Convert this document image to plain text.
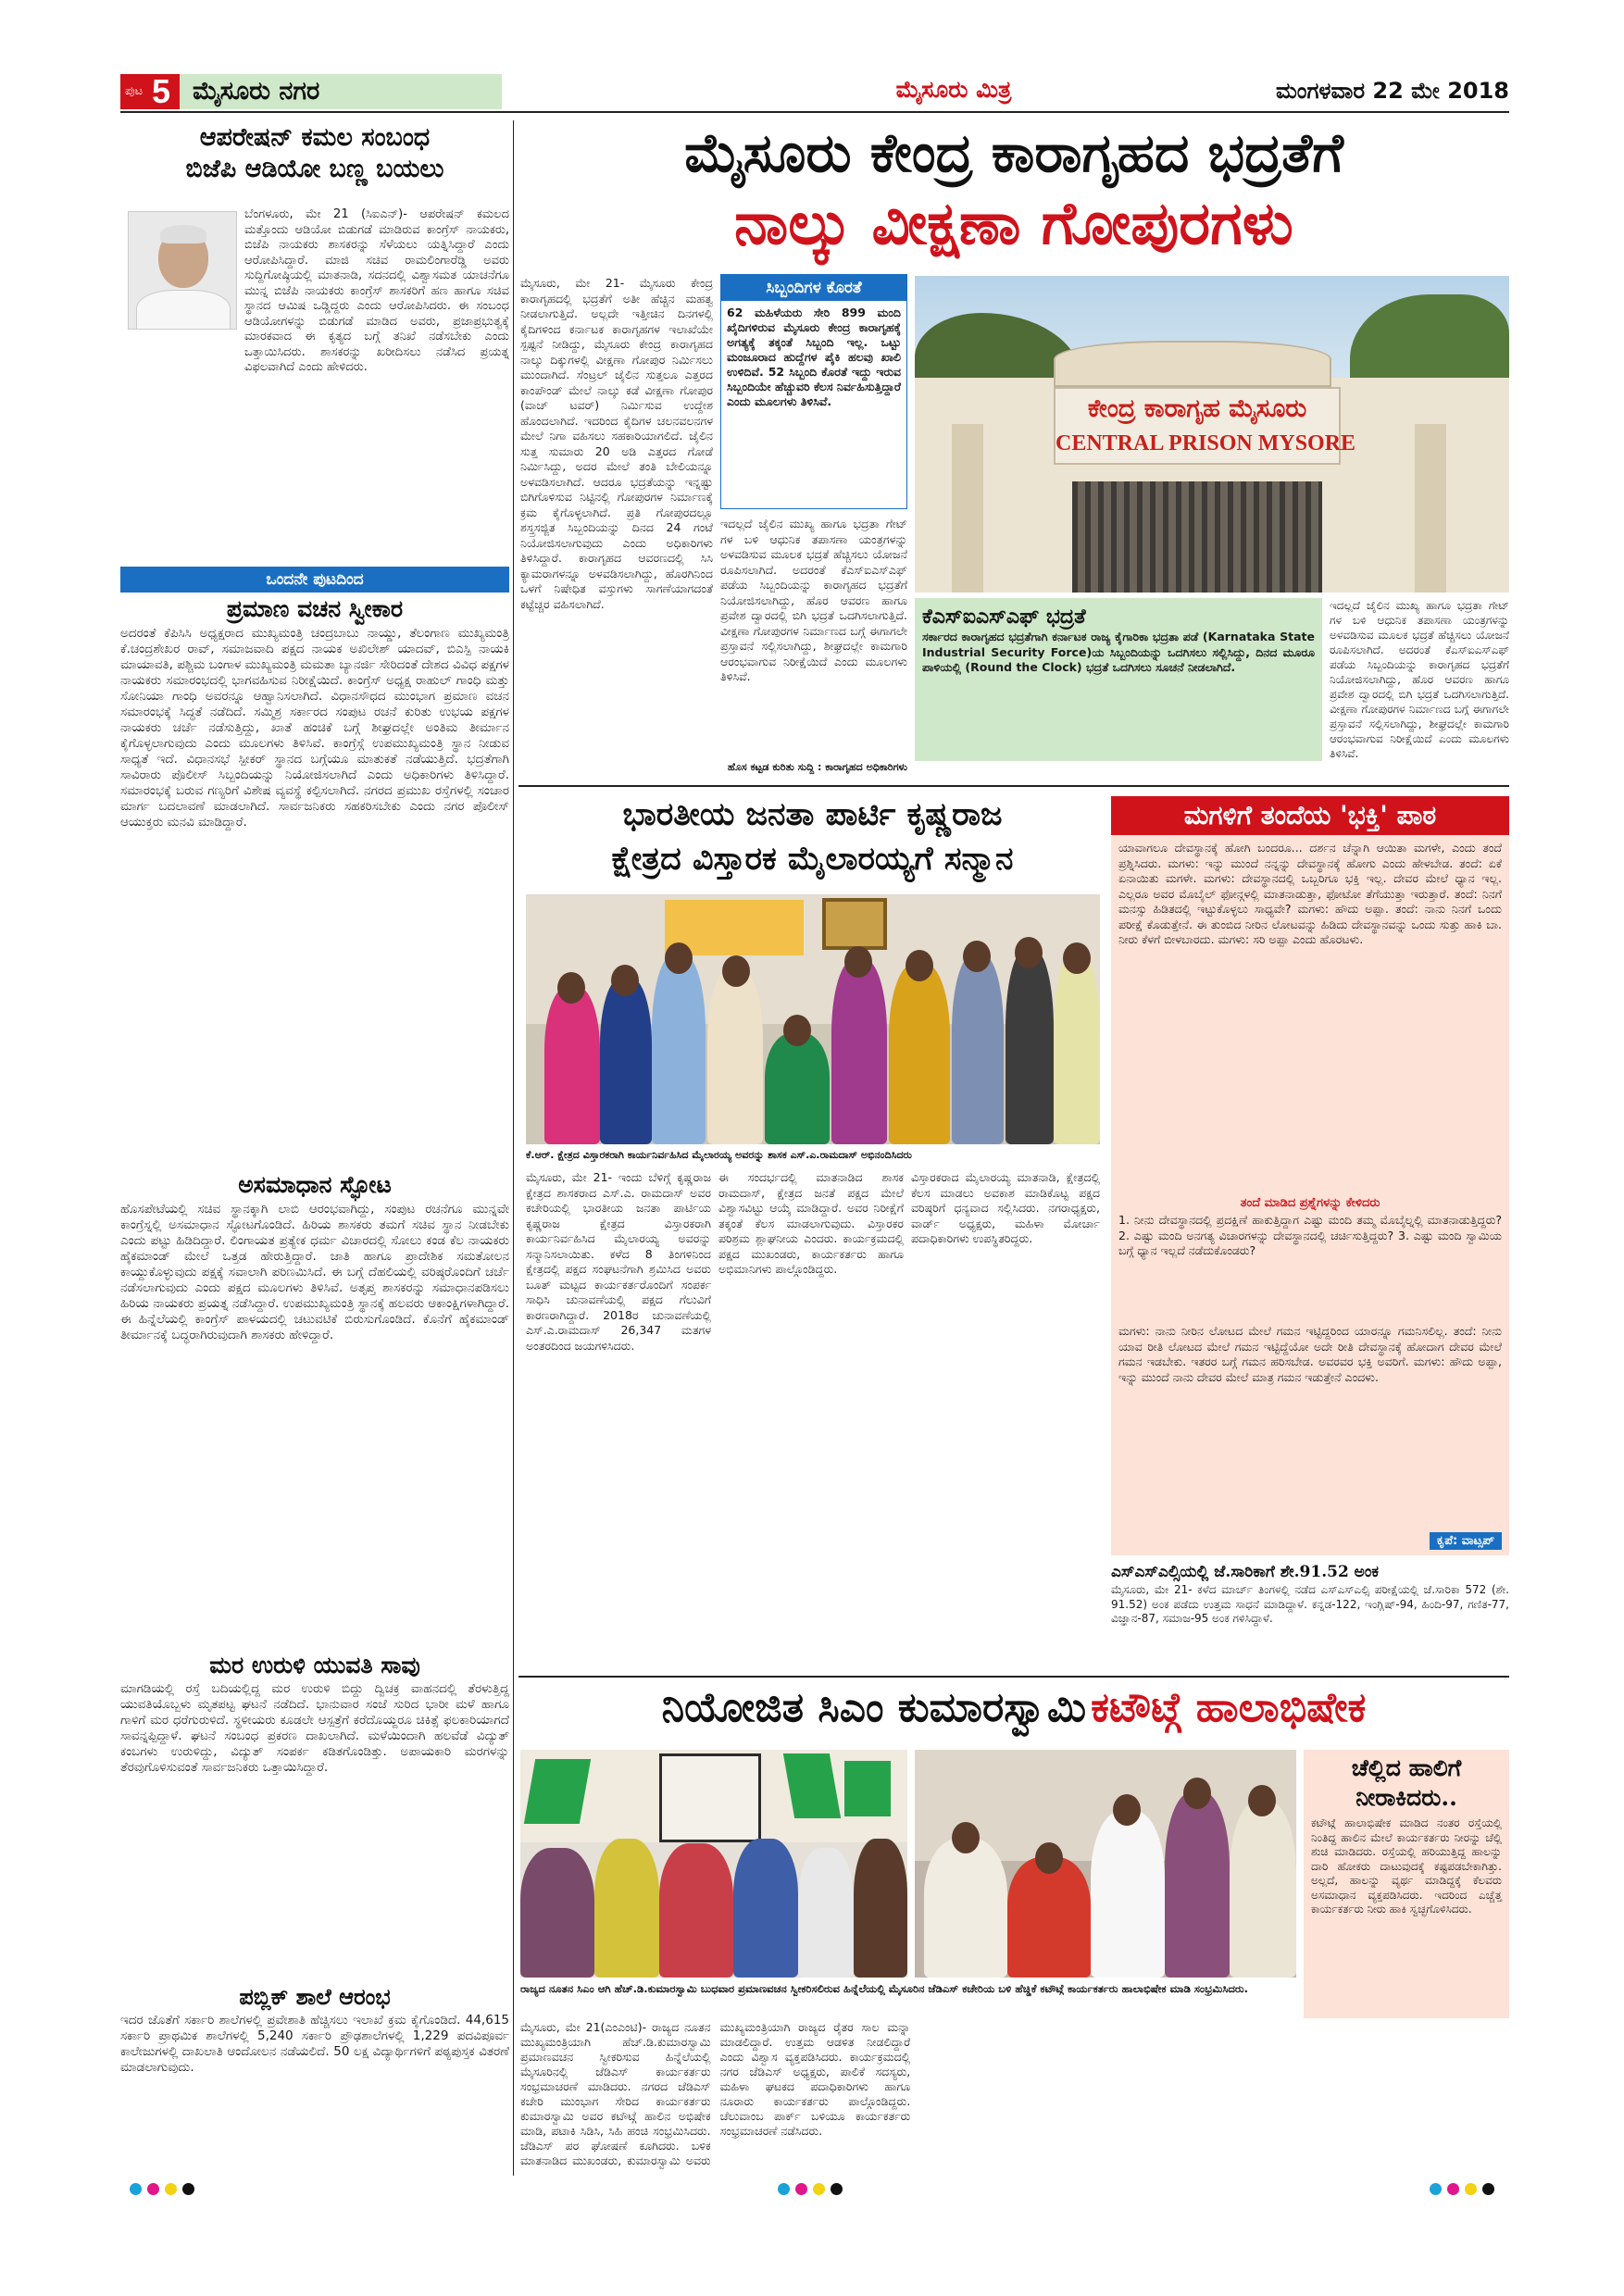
ಪುಟ 5 ಮೈಸೂರು ನಗರ	ಮೈಸೂರು ಮಿತ್ರ	ಮಂಗಳವಾರ 22 ಮೇ 2018
ಆಪರೇಷನ್ ಕಮಲ ಸಂಬಂಧ
ಬಿಜೆಪಿ ಆಡಿಯೋ ಬಣ್ಣ ಬಯಲು
ಬೆಂಗಳೂರು, ಮೇ 21 (ಸಿಐಎನ್)- ಆಪರೇಷನ್ ಕಮಲದ ಮತ್ತೊಂದು ಆಡಿಯೋ ಬಿಡುಗಡೆ ಮಾಡಿರುವ ಕಾಂಗ್ರೆಸ್ ನಾಯಕರು, ಬಿಜೆಪಿ ನಾಯಕರು ಶಾಸಕರನ್ನು ಸೆಳೆಯಲು ಯತ್ನಿಸಿದ್ದಾರೆ ಎಂದು ಆರೋಪಿಸಿದ್ದಾರೆ. ಮಾಜಿ ಸಚಿವ ರಾಮಲಿಂಗಾರೆಡ್ಡಿ ಅವರು ಸುದ್ದಿಗೋಷ್ಠಿಯಲ್ಲಿ ಮಾತನಾಡಿ, ಸದನದಲ್ಲಿ ವಿಶ್ವಾಸಮತ ಯಾಚನೆಗೂ ಮುನ್ನ ಬಿಜೆಪಿ ನಾಯಕರು ಕಾಂಗ್ರೆಸ್ ಶಾಸಕರಿಗೆ ಹಣ ಹಾಗೂ ಸಚಿವ ಸ್ಥಾನದ ಆಮಿಷ ಒಡ್ಡಿದ್ದರು ಎಂದು ಆರೋಪಿಸಿದರು. ಈ ಸಂಬಂಧ ಆಡಿಯೋಗಳನ್ನು ಬಿಡುಗಡೆ ಮಾಡಿದ ಅವರು, ಪ್ರಜಾಪ್ರಭುತ್ವಕ್ಕೆ ಮಾರಕವಾದ ಈ ಕೃತ್ಯದ ಬಗ್ಗೆ ತನಿಖೆ ನಡೆಸಬೇಕು ಎಂದು ಒತ್ತಾಯಿಸಿದರು. ಶಾಸಕರನ್ನು ಖರೀದಿಸಲು ನಡೆಸಿದ ಪ್ರಯತ್ನ ವಿಫಲವಾಗಿದೆ ಎಂದು ಹೇಳಿದರು.
ಒಂದನೇ ಪುಟದಿಂದ
ಪ್ರಮಾಣ ವಚನ ಸ್ವೀಕಾರ
ಅದರಂತೆ ಕೆಪಿಸಿಸಿ ಅಧ್ಯಕ್ಷರಾದ ಮುಖ್ಯಮಂತ್ರಿ ಚಂದ್ರಬಾಬು ನಾಯ್ಡು, ತೆಲಂಗಾಣ ಮುಖ್ಯಮಂತ್ರಿ ಕೆ.ಚಂದ್ರಶೇಖರ ರಾವ್, ಸಮಾಜವಾದಿ ಪಕ್ಷದ ನಾಯಕ ಅಖಿಲೇಶ್ ಯಾದವ್, ಬಿಎಸ್ಪಿ ನಾಯಕಿ ಮಾಯಾವತಿ, ಪಶ್ಚಿಮ ಬಂಗಾಳ ಮುಖ್ಯಮಂತ್ರಿ ಮಮತಾ ಬ್ಯಾನರ್ಜಿ ಸೇರಿದಂತೆ ದೇಶದ ವಿವಿಧ ಪಕ್ಷಗಳ ನಾಯಕರು ಸಮಾರಂಭದಲ್ಲಿ ಭಾಗವಹಿಸುವ ನಿರೀಕ್ಷೆಯಿದೆ. ಕಾಂಗ್ರೆಸ್ ಅಧ್ಯಕ್ಷ ರಾಹುಲ್ ಗಾಂಧಿ ಮತ್ತು ಸೋನಿಯಾ ಗಾಂಧಿ ಅವರನ್ನೂ ಆಹ್ವಾನಿಸಲಾಗಿದೆ. ವಿಧಾನಸೌಧದ ಮುಂಭಾಗ ಪ್ರಮಾಣ ವಚನ ಸಮಾರಂಭಕ್ಕೆ ಸಿದ್ಧತೆ ನಡೆದಿದೆ. ಸಮ್ಮಿಶ್ರ ಸರ್ಕಾರದ ಸಂಪುಟ ರಚನೆ ಕುರಿತು ಉಭಯ ಪಕ್ಷಗಳ ನಾಯಕರು ಚರ್ಚೆ ನಡೆಸುತ್ತಿದ್ದು, ಖಾತೆ ಹಂಚಿಕೆ ಬಗ್ಗೆ ಶೀಘ್ರದಲ್ಲೇ ಅಂತಿಮ ತೀರ್ಮಾನ ಕೈಗೊಳ್ಳಲಾಗುವುದು ಎಂದು ಮೂಲಗಳು ತಿಳಿಸಿವೆ. ಕಾಂಗ್ರೆಸ್ಗೆ ಉಪಮುಖ್ಯಮಂತ್ರಿ ಸ್ಥಾನ ನೀಡುವ ಸಾಧ್ಯತೆ ಇದೆ. ವಿಧಾನಸಭೆ ಸ್ಪೀಕರ್ ಸ್ಥಾನದ ಬಗ್ಗೆಯೂ ಮಾತುಕತೆ ನಡೆಯುತ್ತಿದೆ. ಭದ್ರತೆಗಾಗಿ ಸಾವಿರಾರು ಪೊಲೀಸ್ ಸಿಬ್ಬಂದಿಯನ್ನು ನಿಯೋಜಿಸಲಾಗಿದೆ ಎಂದು ಅಧಿಕಾರಿಗಳು ತಿಳಿಸಿದ್ದಾರೆ. ಸಮಾರಂಭಕ್ಕೆ ಬರುವ ಗಣ್ಯರಿಗೆ ವಿಶೇಷ ವ್ಯವಸ್ಥೆ ಕಲ್ಪಿಸಲಾಗಿದೆ. ನಗರದ ಪ್ರಮುಖ ರಸ್ತೆಗಳಲ್ಲಿ ಸಂಚಾರ ಮಾರ್ಗ ಬದಲಾವಣೆ ಮಾಡಲಾಗಿದೆ. ಸಾರ್ವಜನಿಕರು ಸಹಕರಿಸಬೇಕು ಎಂದು ನಗರ ಪೊಲೀಸ್ ಆಯುಕ್ತರು ಮನವಿ ಮಾಡಿದ್ದಾರೆ.
ಅಸಮಾಧಾನ ಸ್ಫೋಟ
ಹೊಸಪೇಟೆಯಲ್ಲಿ ಸಚಿವ ಸ್ಥಾನಕ್ಕಾಗಿ ಲಾಬಿ ಆರಂಭವಾಗಿದ್ದು, ಸಂಪುಟ ರಚನೆಗೂ ಮುನ್ನವೇ ಕಾಂಗ್ರೆಸ್ನಲ್ಲಿ ಅಸಮಾಧಾನ ಸ್ಫೋಟಗೊಂಡಿದೆ. ಹಿರಿಯ ಶಾಸಕರು ತಮಗೆ ಸಚಿವ ಸ್ಥಾನ ನೀಡಬೇಕು ಎಂದು ಪಟ್ಟು ಹಿಡಿದಿದ್ದಾರೆ. ಲಿಂಗಾಯತ ಪ್ರತ್ಯೇಕ ಧರ್ಮ ವಿಚಾರದಲ್ಲಿ ಸೋಲು ಕಂಡ ಕೆಲ ನಾಯಕರು ಹೈಕಮಾಂಡ್ ಮೇಲೆ ಒತ್ತಡ ಹೇರುತ್ತಿದ್ದಾರೆ. ಜಾತಿ ಹಾಗೂ ಪ್ರಾದೇಶಿಕ ಸಮತೋಲನ ಕಾಯ್ದುಕೊಳ್ಳುವುದು ಪಕ್ಷಕ್ಕೆ ಸವಾಲಾಗಿ ಪರಿಣಮಿಸಿದೆ. ಈ ಬಗ್ಗೆ ದೆಹಲಿಯಲ್ಲಿ ವರಿಷ್ಠರೊಂದಿಗೆ ಚರ್ಚೆ ನಡೆಸಲಾಗುವುದು ಎಂದು ಪಕ್ಷದ ಮೂಲಗಳು ತಿಳಿಸಿವೆ. ಅತೃಪ್ತ ಶಾಸಕರನ್ನು ಸಮಾಧಾನಪಡಿಸಲು ಹಿರಿಯ ನಾಯಕರು ಪ್ರಯತ್ನ ನಡೆಸಿದ್ದಾರೆ. ಉಪಮುಖ್ಯಮಂತ್ರಿ ಸ್ಥಾನಕ್ಕೆ ಹಲವರು ಆಕಾಂಕ್ಷಿಗಳಾಗಿದ್ದಾರೆ. ಈ ಹಿನ್ನೆಲೆಯಲ್ಲಿ ಕಾಂಗ್ರೆಸ್ ಪಾಳಯದಲ್ಲಿ ಚಟುವಟಿಕೆ ಬಿರುಸುಗೊಂಡಿದೆ. ಕೊನೆಗೆ ಹೈಕಮಾಂಡ್ ತೀರ್ಮಾನಕ್ಕೆ ಬದ್ಧರಾಗಿರುವುದಾಗಿ ಶಾಸಕರು ಹೇಳಿದ್ದಾರೆ.
ಮರ ಉರುಳಿ ಯುವತಿ ಸಾವು
ಮಾಗಡಿಯಲ್ಲಿ ರಸ್ತೆ ಬದಿಯಲ್ಲಿದ್ದ ಮರ ಉರುಳಿ ಬಿದ್ದು ದ್ವಿಚಕ್ರ ವಾಹನದಲ್ಲಿ ತೆರಳುತ್ತಿದ್ದ ಯುವತಿಯೊಬ್ಬಳು ಮೃತಪಟ್ಟ ಘಟನೆ ನಡೆದಿದೆ. ಭಾನುವಾರ ಸಂಜೆ ಸುರಿದ ಭಾರೀ ಮಳೆ ಹಾಗೂ ಗಾಳಿಗೆ ಮರ ಧರೆಗುರುಳಿದೆ. ಸ್ಥಳೀಯರು ಕೂಡಲೇ ಆಸ್ಪತ್ರೆಗೆ ಕರೆದೊಯ್ದರೂ ಚಿಕಿತ್ಸೆ ಫಲಕಾರಿಯಾಗದೆ ಸಾವನ್ನಪ್ಪಿದ್ದಾಳೆ. ಘಟನೆ ಸಂಬಂಧ ಪ್ರಕರಣ ದಾಖಲಾಗಿದೆ. ಮಳೆಯಿಂದಾಗಿ ಹಲವೆಡೆ ವಿದ್ಯುತ್ ಕಂಬಗಳು ಉರುಳಿದ್ದು, ವಿದ್ಯುತ್ ಸಂಪರ್ಕ ಕಡಿತಗೊಂಡಿತ್ತು. ಅಪಾಯಕಾರಿ ಮರಗಳನ್ನು ತೆರವುಗೊಳಿಸುವಂತೆ ಸಾರ್ವಜನಿಕರು ಒತ್ತಾಯಿಸಿದ್ದಾರೆ.
ಪಬ್ಲಿಕ್ ಶಾಲೆ ಆರಂಭ
ಇದರ ಜೊತೆಗೆ ಸರ್ಕಾರಿ ಶಾಲೆಗಳಲ್ಲಿ ಪ್ರವೇಶಾತಿ ಹೆಚ್ಚಿಸಲು ಇಲಾಖೆ ಕ್ರಮ ಕೈಗೊಂಡಿದೆ. 44,615 ಸರ್ಕಾರಿ ಪ್ರಾಥಮಿಕ ಶಾಲೆಗಳಲ್ಲಿ 5,240 ಸರ್ಕಾರಿ ಪ್ರೌಢಶಾಲೆಗಳಲ್ಲಿ 1,229 ಪದವಿಪೂರ್ವ ಕಾಲೇಜುಗಳಲ್ಲಿ ದಾಖಲಾತಿ ಆಂದೋಲನ ನಡೆಯಲಿದೆ. 50 ಲಕ್ಷ ವಿದ್ಯಾರ್ಥಿಗಳಿಗೆ ಪಠ್ಯಪುಸ್ತಕ ವಿತರಣೆ ಮಾಡಲಾಗುವುದು.
ಮೈಸೂರು ಕೇಂದ್ರ ಕಾರಾಗೃಹದ ಭದ್ರತೆಗೆ
ನಾಲ್ಕು ವೀಕ್ಷಣಾ ಗೋಪುರಗಳು
ಮೈಸೂರು, ಮೇ 21- ಮೈಸೂರು ಕೇಂದ್ರ ಕಾರಾಗೃಹದಲ್ಲಿ ಭದ್ರತೆಗೆ ಅತೀ ಹೆಚ್ಚಿನ ಮಹತ್ವ ನೀಡಲಾಗುತ್ತಿದೆ. ಅಲ್ಲದೇ ಇತ್ತೀಚಿನ ದಿನಗಳಲ್ಲಿ ಕೈದಿಗಳಿಂದ ಕರ್ನಾಟಕ ಕಾರಾಗೃಹಗಳ ಇಲಾಖೆಯೇ ಸ್ಪಷ್ಟನೆ ನೀಡಿದ್ದು, ಮೈಸೂರು ಕೇಂದ್ರ ಕಾರಾಗೃಹದ ನಾಲ್ಕು ದಿಕ್ಕುಗಳಲ್ಲಿ ವೀಕ್ಷಣಾ ಗೋಪುರ ನಿರ್ಮಿಸಲು ಮುಂದಾಗಿದೆ. ಸೆಂಟ್ರಲ್ ಜೈಲಿನ ಸುತ್ತಲೂ ಎತ್ತರದ ಕಾಂಪೌಂಡ್ ಮೇಲೆ ನಾಲ್ಕು ಕಡೆ ವೀಕ್ಷಣಾ ಗೋಪುರ (ವಾಚ್ ಟವರ್) ನಿರ್ಮಿಸುವ ಉದ್ದೇಶ ಹೊಂದಲಾಗಿದೆ. ಇದರಿಂದ ಕೈದಿಗಳ ಚಲನವಲನಗಳ ಮೇಲೆ ನಿಗಾ ವಹಿಸಲು ಸಹಕಾರಿಯಾಗಲಿದೆ. ಜೈಲಿನ ಸುತ್ತ ಸುಮಾರು 20 ಅಡಿ ಎತ್ತರದ ಗೋಡೆ ನಿರ್ಮಿಸಿದ್ದು, ಅದರ ಮೇಲೆ ತಂತಿ ಬೇಲಿಯನ್ನೂ ಅಳವಡಿಸಲಾಗಿದೆ. ಆದರೂ ಭದ್ರತೆಯನ್ನು ಇನ್ನಷ್ಟು ಬಿಗಿಗೊಳಿಸುವ ನಿಟ್ಟಿನಲ್ಲಿ ಗೋಪುರಗಳ ನಿರ್ಮಾಣಕ್ಕೆ ಕ್ರಮ ಕೈಗೊಳ್ಳಲಾಗಿದೆ. ಪ್ರತಿ ಗೋಪುರದಲ್ಲೂ ಶಸ್ತ್ರಸಜ್ಜಿತ ಸಿಬ್ಬಂದಿಯನ್ನು ದಿನದ 24 ಗಂಟೆ ನಿಯೋಜಿಸಲಾಗುವುದು ಎಂದು ಅಧಿಕಾರಿಗಳು ತಿಳಿಸಿದ್ದಾರೆ. ಕಾರಾಗೃಹದ ಆವರಣದಲ್ಲಿ ಸಿಸಿ ಕ್ಯಾಮರಾಗಳನ್ನೂ ಅಳವಡಿಸಲಾಗಿದ್ದು, ಹೊರಗಿನಿಂದ ಒಳಗೆ ನಿಷೇಧಿತ ವಸ್ತುಗಳು ಸಾಗಣೆಯಾಗದಂತೆ ಕಟ್ಟೆಚ್ಚರ ವಹಿಸಲಾಗಿದೆ.
ಸಿಬ್ಬಂದಿಗಳ ಕೊರತೆ
62 ಮಹಿಳೆಯರು ಸೇರಿ 899 ಮಂದಿ ಖೈದಿಗಳಿರುವ ಮೈಸೂರು ಕೇಂದ್ರ ಕಾರಾಗೃಹಕ್ಕೆ ಅಗತ್ಯಕ್ಕೆ ತಕ್ಕಂತೆ ಸಿಬ್ಬಂದಿ ಇಲ್ಲ. ಒಟ್ಟು ಮಂಜೂರಾದ ಹುದ್ದೆಗಳ ಪೈಕಿ ಹಲವು ಖಾಲಿ ಉಳಿದಿವೆ. 52 ಸಿಬ್ಬಂದಿ ಕೊರತೆ ಇದ್ದು ಇರುವ ಸಿಬ್ಬಂದಿಯೇ ಹೆಚ್ಚುವರಿ ಕೆಲಸ ನಿರ್ವಹಿಸುತ್ತಿದ್ದಾರೆ ಎಂದು ಮೂಲಗಳು ತಿಳಿಸಿವೆ.
ಇದಲ್ಲದೆ ಜೈಲಿನ ಮುಖ್ಯ ಹಾಗೂ ಭದ್ರತಾ ಗೇಟ್ ಗಳ ಬಳಿ ಆಧುನಿಕ ತಪಾಸಣಾ ಯಂತ್ರಗಳನ್ನು ಅಳವಡಿಸುವ ಮೂಲಕ ಭದ್ರತೆ ಹೆಚ್ಚಿಸಲು ಯೋಜನೆ ರೂಪಿಸಲಾಗಿದೆ. ಅದರಂತೆ ಕೆಎಸ್ಐಎಸ್ಎಫ್ ಪಡೆಯ ಸಿಬ್ಬಂದಿಯನ್ನು ಕಾರಾಗೃಹದ ಭದ್ರತೆಗೆ ನಿಯೋಜಿಸಲಾಗಿದ್ದು, ಹೊರ ಆವರಣ ಹಾಗೂ ಪ್ರವೇಶ ದ್ವಾರದಲ್ಲಿ ಬಿಗಿ ಭದ್ರತೆ ಒದಗಿಸಲಾಗುತ್ತಿದೆ. ವೀಕ್ಷಣಾ ಗೋಪುರಗಳ ನಿರ್ಮಾಣದ ಬಗ್ಗೆ ಈಗಾಗಲೇ ಪ್ರಸ್ತಾವನೆ ಸಲ್ಲಿಸಲಾಗಿದ್ದು, ಶೀಘ್ರದಲ್ಲೇ ಕಾಮಗಾರಿ ಆರಂಭವಾಗುವ ನಿರೀಕ್ಷೆಯಿದೆ ಎಂದು ಮೂಲಗಳು ತಿಳಿಸಿವೆ.
ಹೊಸ ಕಟ್ಟಡ ಕುರಿತು ಸುದ್ದಿ : ಕಾರಾಗೃಹದ ಅಧಿಕಾರಿಗಳು
ಕೇಂದ್ರ ಕಾರಾಗೃಹ ಮೈಸೂರು
CENTRAL PRISON MYSORE
ಕೆಎಸ್ಐಎಸ್ಎಫ್ ಭದ್ರತೆ
ಸರ್ಕಾರದ ಕಾರಾಗೃಹದ ಭದ್ರತೆಗಾಗಿ ಕರ್ನಾಟಕ ರಾಜ್ಯ ಕೈಗಾರಿಕಾ ಭದ್ರತಾ ಪಡೆ (Karnataka State Industrial Security Force)ಯ ಸಿಬ್ಬಂದಿಯನ್ನು ಒದಗಿಸಲು ಸಲ್ಲಿಸಿದ್ದು, ದಿನದ ಮೂರೂ ಪಾಳಿಯಲ್ಲಿ (Round the Clock) ಭದ್ರತೆ ಒದಗಿಸಲು ಸೂಚನೆ ನೀಡಲಾಗಿದೆ.
ಇದಲ್ಲದೆ ಜೈಲಿನ ಮುಖ್ಯ ಹಾಗೂ ಭದ್ರತಾ ಗೇಟ್ ಗಳ ಬಳಿ ಆಧುನಿಕ ತಪಾಸಣಾ ಯಂತ್ರಗಳನ್ನು ಅಳವಡಿಸುವ ಮೂಲಕ ಭದ್ರತೆ ಹೆಚ್ಚಿಸಲು ಯೋಜನೆ ರೂಪಿಸಲಾಗಿದೆ. ಅದರಂತೆ ಕೆಎಸ್ಐಎಸ್ಎಫ್ ಪಡೆಯ ಸಿಬ್ಬಂದಿಯನ್ನು ಕಾರಾಗೃಹದ ಭದ್ರತೆಗೆ ನಿಯೋಜಿಸಲಾಗಿದ್ದು, ಹೊರ ಆವರಣ ಹಾಗೂ ಪ್ರವೇಶ ದ್ವಾರದಲ್ಲಿ ಬಿಗಿ ಭದ್ರತೆ ಒದಗಿಸಲಾಗುತ್ತಿದೆ. ವೀಕ್ಷಣಾ ಗೋಪುರಗಳ ನಿರ್ಮಾಣದ ಬಗ್ಗೆ ಈಗಾಗಲೇ ಪ್ರಸ್ತಾವನೆ ಸಲ್ಲಿಸಲಾಗಿದ್ದು, ಶೀಘ್ರದಲ್ಲೇ ಕಾಮಗಾರಿ ಆರಂಭವಾಗುವ ನಿರೀಕ್ಷೆಯಿದೆ ಎಂದು ಮೂಲಗಳು ತಿಳಿಸಿವೆ.
ಭಾರತೀಯ ಜನತಾ ಪಾರ್ಟಿ ಕೃಷ್ಣರಾಜ
ಕ್ಷೇತ್ರದ ವಿಸ್ತಾರಕ ಮೈಲಾರಯ್ಯಗೆ ಸನ್ಮಾನ
ಕೆ.ಆರ್. ಕ್ಷೇತ್ರದ ವಿಸ್ತಾರಕರಾಗಿ ಕಾರ್ಯನಿರ್ವಹಿಸಿದ ಮೈಲಾರಯ್ಯ ಅವರನ್ನು ಶಾಸಕ ಎಸ್.ಎ.ರಾಮದಾಸ್ ಅಭಿನಂದಿಸಿದರು
ಮೈಸೂರು, ಮೇ 21- ಇಂದು ಬೆಳಿಗ್ಗೆ ಕೃಷ್ಣರಾಜ ಕ್ಷೇತ್ರದ ಶಾಸಕರಾದ ಎಸ್.ಎ. ರಾಮದಾಸ್ ಅವರ ಕಚೇರಿಯಲ್ಲಿ ಭಾರತೀಯ ಜನತಾ ಪಾರ್ಟಿಯ ಕೃಷ್ಣರಾಜ ಕ್ಷೇತ್ರದ ವಿಸ್ತಾರಕರಾಗಿ ಕಾರ್ಯನಿರ್ವಹಿಸಿದ ಮೈಲಾರಯ್ಯ ಅವರನ್ನು ಸನ್ಮಾನಿಸಲಾಯಿತು. ಕಳೆದ 8 ತಿಂಗಳಿನಿಂದ ಕ್ಷೇತ್ರದಲ್ಲಿ ಪಕ್ಷದ ಸಂಘಟನೆಗಾಗಿ ಶ್ರಮಿಸಿದ ಅವರು ಬೂತ್ ಮಟ್ಟದ ಕಾರ್ಯಕರ್ತರೊಂದಿಗೆ ಸಂಪರ್ಕ ಸಾಧಿಸಿ ಚುನಾವಣೆಯಲ್ಲಿ ಪಕ್ಷದ ಗೆಲುವಿಗೆ ಕಾರಣರಾಗಿದ್ದಾರೆ. 2018ರ ಚುನಾವಣೆಯಲ್ಲಿ ಎಸ್.ಎ.ರಾಮದಾಸ್ 26,347 ಮತಗಳ ಅಂತರದಿಂದ ಜಯಗಳಿಸಿದರು.
ಈ ಸಂದರ್ಭದಲ್ಲಿ ಮಾತನಾಡಿದ ಶಾಸಕ ರಾಮದಾಸ್, ಕ್ಷೇತ್ರದ ಜನತೆ ಪಕ್ಷದ ಮೇಲೆ ವಿಶ್ವಾಸವಿಟ್ಟು ಆಯ್ಕೆ ಮಾಡಿದ್ದಾರೆ. ಅವರ ನಿರೀಕ್ಷೆಗೆ ತಕ್ಕಂತೆ ಕೆಲಸ ಮಾಡಲಾಗುವುದು. ವಿಸ್ತಾರಕರ ಪರಿಶ್ರಮ ಶ್ಲಾಘನೀಯ ಎಂದರು. ಕಾರ್ಯಕ್ರಮದಲ್ಲಿ ಪಕ್ಷದ ಮುಖಂಡರು, ಕಾರ್ಯಕರ್ತರು ಹಾಗೂ ಅಭಿಮಾನಿಗಳು ಪಾಲ್ಗೊಂಡಿದ್ದರು.
ವಿಸ್ತಾರಕರಾದ ಮೈಲಾರಯ್ಯ ಮಾತನಾಡಿ, ಕ್ಷೇತ್ರದಲ್ಲಿ ಕೆಲಸ ಮಾಡಲು ಅವಕಾಶ ಮಾಡಿಕೊಟ್ಟ ಪಕ್ಷದ ವರಿಷ್ಠರಿಗೆ ಧನ್ಯವಾದ ಸಲ್ಲಿಸಿದರು. ನಗರಾಧ್ಯಕ್ಷರು, ವಾರ್ಡ್ ಅಧ್ಯಕ್ಷರು, ಮಹಿಳಾ ಮೋರ್ಚಾ ಪದಾಧಿಕಾರಿಗಳು ಉಪಸ್ಥಿತರಿದ್ದರು.
ಮಗಳಿಗೆ ತಂದೆಯ 'ಭಕ್ತಿ' ಪಾಠ
ಯಾವಾಗಲೂ ದೇವಸ್ಥಾನಕ್ಕೆ ಹೋಗಿ ಬಂದರೂ... ದರ್ಶನ ಚೆನ್ನಾಗಿ ಆಯಿತಾ ಮಗಳೇ, ಎಂದು ತಂದೆ ಪ್ರಶ್ನಿಸಿದರು. ಮಗಳು: ಇನ್ನು ಮುಂದೆ ನನ್ನನ್ನು ದೇವಸ್ಥಾನಕ್ಕೆ ಹೋಗು ಎಂದು ಹೇಳಬೇಡ. ತಂದೆ: ಏಕೆ ಏನಾಯಿತು ಮಗಳೇ. ಮಗಳು: ದೇವಸ್ಥಾನದಲ್ಲಿ ಒಬ್ಬರಿಗೂ ಭಕ್ತಿ ಇಲ್ಲ. ದೇವರ ಮೇಲೆ ಧ್ಯಾನ ಇಲ್ಲ. ಎಲ್ಲರೂ ಅವರ ಮೊಬೈಲ್ ಫೋನ್ಗಳಲ್ಲಿ ಮಾತನಾಡುತ್ತಾ, ಫೋಟೋ ತೆಗೆಯುತ್ತಾ ಇರುತ್ತಾರೆ. ತಂದೆ: ನಿನಗೆ ಮನಸ್ಸು ಹಿಡಿತದಲ್ಲಿ ಇಟ್ಟುಕೊಳ್ಳಲು ಸಾಧ್ಯವೇ? ಮಗಳು: ಹೌದು ಅಪ್ಪಾ. ತಂದೆ: ನಾನು ನಿನಗೆ ಒಂದು ಪರೀಕ್ಷೆ ಕೊಡುತ್ತೇನೆ. ಈ ತುಂಬಿದ ನೀರಿನ ಲೋಟವನ್ನು ಹಿಡಿದು ದೇವಸ್ಥಾನವನ್ನು ಒಂದು ಸುತ್ತು ಹಾಕಿ ಬಾ. ನೀರು ಕೆಳಗೆ ಬೀಳಬಾರದು. ಮಗಳು: ಸರಿ ಅಪ್ಪಾ ಎಂದು ಹೊರಟಳು.
ತಂದೆ ಮಾಡಿದ ಪ್ರಶ್ನೆಗಳನ್ನು ಕೇಳಿದರು
1. ನೀನು ದೇವಸ್ಥಾನದಲ್ಲಿ ಪ್ರದಕ್ಷಿಣೆ ಹಾಕುತ್ತಿದ್ದಾಗ ಎಷ್ಟು ಮಂದಿ ತಮ್ಮ ಮೊಬೈಲ್ನಲ್ಲಿ ಮಾತನಾಡುತ್ತಿದ್ದರು? 2. ಎಷ್ಟು ಮಂದಿ ಅನಗತ್ಯ ವಿಚಾರಗಳನ್ನು ದೇವಸ್ಥಾನದಲ್ಲಿ ಚರ್ಚಿಸುತ್ತಿದ್ದರು? 3. ಎಷ್ಟು ಮಂದಿ ಸ್ವಾಮಿಯ ಬಗ್ಗೆ ಧ್ಯಾನ ಇಲ್ಲದೆ ನಡೆದುಕೊಂಡರು?
ಮಗಳು: ನಾನು ನೀರಿನ ಲೋಟದ ಮೇಲೆ ಗಮನ ಇಟ್ಟಿದ್ದರಿಂದ ಯಾರನ್ನೂ ಗಮನಿಸಲಿಲ್ಲ. ತಂದೆ: ನೀನು ಯಾವ ರೀತಿ ಲೋಟದ ಮೇಲೆ ಗಮನ ಇಟ್ಟಿದ್ದೆಯೋ ಅದೇ ರೀತಿ ದೇವಸ್ಥಾನಕ್ಕೆ ಹೋದಾಗ ದೇವರ ಮೇಲೆ ಗಮನ ಇಡಬೇಕು. ಇತರರ ಬಗ್ಗೆ ಗಮನ ಹರಿಸಬೇಡ. ಅವರವರ ಭಕ್ತಿ ಅವರಿಗೆ. ಮಗಳು: ಹೌದು ಅಪ್ಪಾ, ಇನ್ನು ಮುಂದೆ ನಾನು ದೇವರ ಮೇಲೆ ಮಾತ್ರ ಗಮನ ಇಡುತ್ತೇನೆ ಎಂದಳು.
ಕೃಪೆ: ವಾಟ್ಸಪ್
ಎಸ್ಎಸ್ಎಲ್ಸಿಯಲ್ಲಿ ಜೆ.ಸಾರಿಕಾಗೆ ಶೇ.91.52 ಅಂಕ
ಮೈಸೂರು, ಮೇ 21- ಕಳೆದ ಮಾರ್ಚ್ ತಿಂಗಳಲ್ಲಿ ನಡೆದ ಎಸ್ಎಸ್ಎಲ್ಸಿ ಪರೀಕ್ಷೆಯಲ್ಲಿ ಜೆ.ಸಾರಿಕಾ 572 (ಶೇ. 91.52) ಅಂಕ ಪಡೆದು ಉತ್ತಮ ಸಾಧನೆ ಮಾಡಿದ್ದಾಳೆ. ಕನ್ನಡ-122, ಇಂಗ್ಲಿಷ್-94, ಹಿಂದಿ-97, ಗಣಿತ-77, ವಿಜ್ಞಾನ-87, ಸಮಾಜ-95 ಅಂಕ ಗಳಿಸಿದ್ದಾಳೆ.
ನಿಯೋಜಿತ ಸಿಎಂ ಕುಮಾರಸ್ವಾಮಿ ಕಟೌಟ್ಗೆ ಹಾಲಾಭಿಷೇಕ
ಚೆಲ್ಲಿದ ಹಾಲಿಗೆ
ನೀರಾಕಿದರು..
ಕಟೌಟ್ಗೆ ಹಾಲಾಭಿಷೇಕ ಮಾಡಿದ ನಂತರ ರಸ್ತೆಯಲ್ಲಿ ನಿಂತಿದ್ದ ಹಾಲಿನ ಮೇಲೆ ಕಾರ್ಯಕರ್ತರು ನೀರನ್ನು ಚೆಲ್ಲಿ ಶುಚಿ ಮಾಡಿದರು. ರಸ್ತೆಯಲ್ಲಿ ಹರಿಯುತ್ತಿದ್ದ ಹಾಲನ್ನು ದಾರಿ ಹೋಕರು ದಾಟುವುದಕ್ಕೆ ಕಷ್ಟಪಡಬೇಕಾಗಿತ್ತು. ಅಲ್ಲದೆ, ಹಾಲನ್ನು ವ್ಯರ್ಥ ಮಾಡಿದ್ದಕ್ಕೆ ಕೆಲವರು ಅಸಮಾಧಾನ ವ್ಯಕ್ತಪಡಿಸಿದರು. ಇದರಿಂದ ಎಚ್ಚೆತ್ತ ಕಾರ್ಯಕರ್ತರು ನೀರು ಹಾಕಿ ಸ್ವಚ್ಛಗೊಳಿಸಿದರು.
ರಾಜ್ಯದ ನೂತನ ಸಿಎಂ ಆಗಿ ಹೆಚ್.ಡಿ.ಕುಮಾರಸ್ವಾಮಿ ಬುಧವಾರ ಪ್ರಮಾಣವಚನ ಸ್ವೀಕರಿಸಲಿರುವ ಹಿನ್ನೆಲೆಯಲ್ಲಿ ಮೈಸೂರಿನ ಜೆಡಿಎಸ್ ಕಚೇರಿಯ ಬಳಿ ಹೆಚ್ಡಿಕೆ ಕಟೌಟ್ಗೆ ಕಾರ್ಯಕರ್ತರು ಹಾಲಾಭಿಷೇಕ ಮಾಡಿ ಸಂಭ್ರಮಿಸಿದರು.
ಮೈಸೂರು, ಮೇ 21(ಎಂಎಂಟಿ)- ರಾಜ್ಯದ ನೂತನ ಮುಖ್ಯಮಂತ್ರಿಯಾಗಿ ಹೆಚ್.ಡಿ.ಕುಮಾರಸ್ವಾಮಿ ಪ್ರಮಾಣವಚನ ಸ್ವೀಕರಿಸುವ ಹಿನ್ನೆಲೆಯಲ್ಲಿ ಮೈಸೂರಿನಲ್ಲಿ ಜೆಡಿಎಸ್ ಕಾರ್ಯಕರ್ತರು ಸಂಭ್ರಮಾಚರಣೆ ಮಾಡಿದರು. ನಗರದ ಜೆಡಿಎಸ್ ಕಚೇರಿ ಮುಂಭಾಗ ಸೇರಿದ ಕಾರ್ಯಕರ್ತರು ಕುಮಾರಸ್ವಾಮಿ ಅವರ ಕಟೌಟ್ಗೆ ಹಾಲಿನ ಅಭಿಷೇಕ ಮಾಡಿ, ಪಟಾಕಿ ಸಿಡಿಸಿ, ಸಿಹಿ ಹಂಚಿ ಸಂಭ್ರಮಿಸಿದರು. ಜೆಡಿಎಸ್ ಪರ ಘೋಷಣೆ ಕೂಗಿದರು. ಬಳಿಕ ಮಾತನಾಡಿದ ಮುಖಂಡರು, ಕುಮಾರಸ್ವಾಮಿ ಅವರು ಮುಖ್ಯಮಂತ್ರಿಯಾಗಿ ರಾಜ್ಯದ ರೈತರ ಸಾಲ ಮನ್ನಾ ಮಾಡಲಿದ್ದಾರೆ. ಉತ್ತಮ ಆಡಳಿತ ನೀಡಲಿದ್ದಾರೆ ಎಂದು ವಿಶ್ವಾಸ ವ್ಯಕ್ತಪಡಿಸಿದರು. ಕಾರ್ಯಕ್ರಮದಲ್ಲಿ ನಗರ ಜೆಡಿಎಸ್ ಅಧ್ಯಕ್ಷರು, ಪಾಲಿಕೆ ಸದಸ್ಯರು, ಮಹಿಳಾ ಘಟಕದ ಪದಾಧಿಕಾರಿಗಳು ಹಾಗೂ ನೂರಾರು ಕಾರ್ಯಕರ್ತರು ಪಾಲ್ಗೊಂಡಿದ್ದರು. ಚೆಲುವಾಂಬ ಪಾರ್ಕ್ ಬಳಿಯೂ ಕಾರ್ಯಕರ್ತರು ಸಂಭ್ರಮಾಚರಣೆ ನಡೆಸಿದರು.
